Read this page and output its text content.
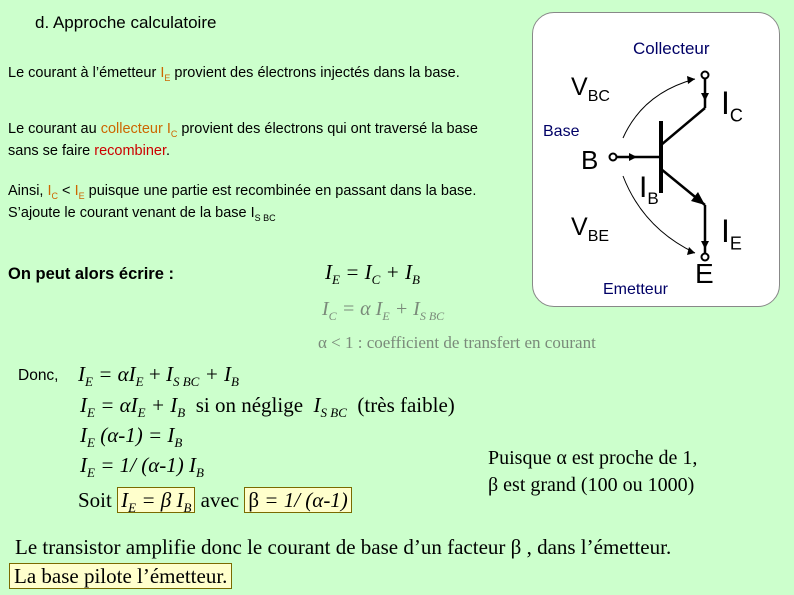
d. Approche calculatoire
Le courant à l’émetteur $I_E$ provient des électrons injectés dans la base.
Le courant au collecteur $I_C$ provient des électrons qui ont traversé la base sans se faire recombiner.
Ainsi, $I_C < I_E$ puisque une partie est recombinée en passant dans la base.
S’ajoute le courant venant de la base $I_{S BC}$
On peut alors écrire :	$I_E = I_C + I_B$
$I_C = \alpha$ $I_E + I_{S BC}$
α < 1 : coefficient de transfert en courant
Donc, $I_E = \alpha I_E + I_{S BC} + I_B$
$I_E = \alpha I_E + I_B$  si on néglige  $I_{S BC}$  (très faible)
$I_E$ $(\alpha-1) = I_B$
$I_E = 1/$ (α-1) $I_B$
Soit $I_E = \beta$ $I_B$ avec β = 1/ (α-1)
Puisque α est proche de 1,
β est grand (100 ou 1000)
Le transistor amplifie donc le courant de base d’un facteur β , dans l’émetteur.
La base pilote l’émetteur.
Collecteur
Base
Emetteur
$V_{BC}$
$V_{BE}$
B
E
$I_C$
$I_B$
$I_E$
